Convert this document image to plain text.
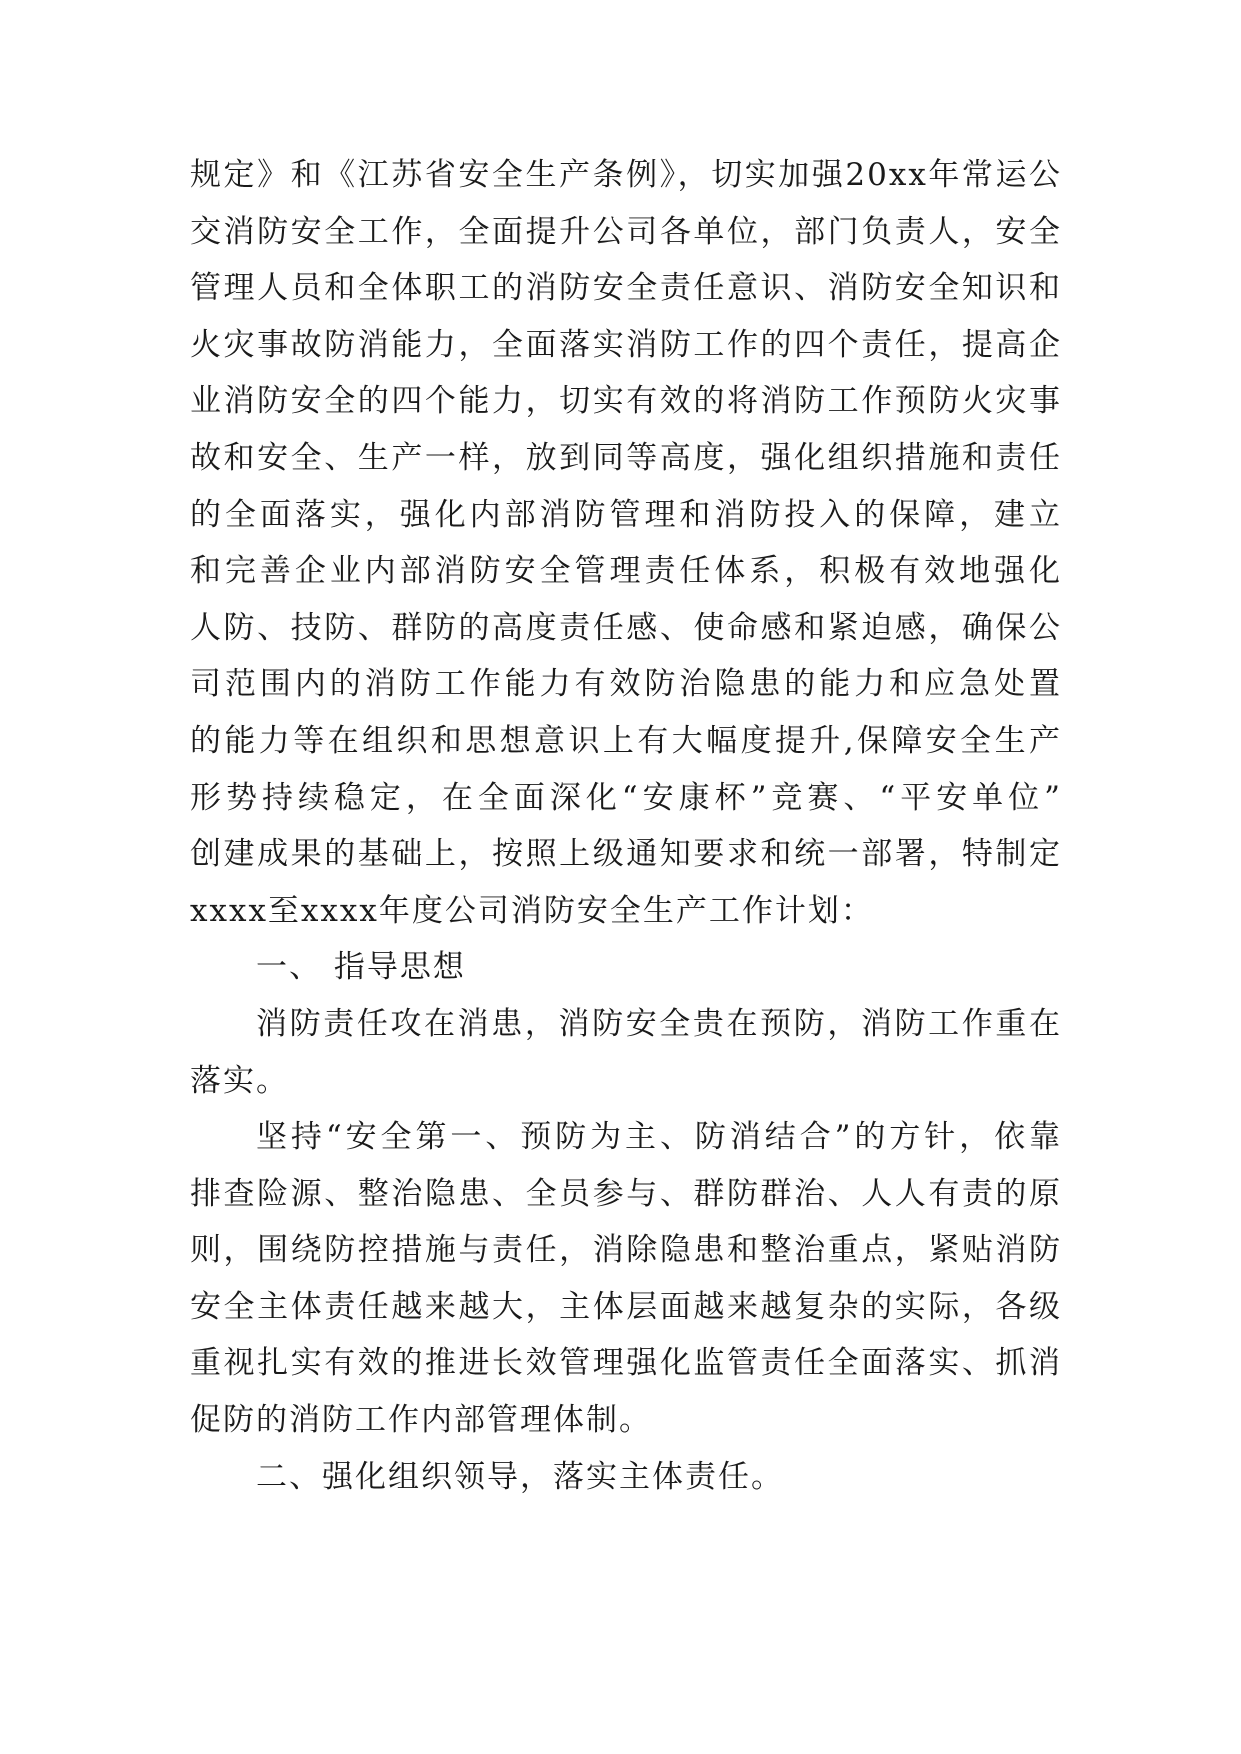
规定》和《江苏省安全生产条例》，切实加强20xx年常运公
交消防安全工作，全面提升公司各单位，部门负责人，安全
管理人员和全体职工的消防安全责任意识、消防安全知识和
火灾事故防消能力，全面落实消防工作的四个责任，提高企
业消防安全的四个能力，切实有效的将消防工作预防火灾事
故和安全、生产一样，放到同等高度，强化组织措施和责任
的全面落实，强化内部消防管理和消防投入的保障，建立
和完善企业内部消防安全管理责任体系，积极有效地强化
人防、技防、群防的高度责任感、使命感和紧迫感，确保公
司范围内的消防工作能力有效防治隐患的能力和应急处置
的能力等在组织和思想意识上有大幅度提升,保障安全生产
形势持续稳定，在全面深化“安康杯”竞赛、“平安单位”
创建成果的基础上，按照上级通知要求和统一部署，特制定
xxxx至xxxx年度公司消防安全生产工作计划：
一、 指导思想
消防责任攻在消患，消防安全贵在预防，消防工作重在
落实。
坚持“安全第一、预防为主、防消结合”的方针，依靠
排查险源、整治隐患、全员参与、群防群治、人人有责的原
则，围绕防控措施与责任，消除隐患和整治重点，紧贴消防
安全主体责任越来越大，主体层面越来越复杂的实际，各级
重视扎实有效的推进长效管理强化监管责任全面落实、抓消
促防的消防工作内部管理体制。
二、强化组织领导，落实主体责任。
